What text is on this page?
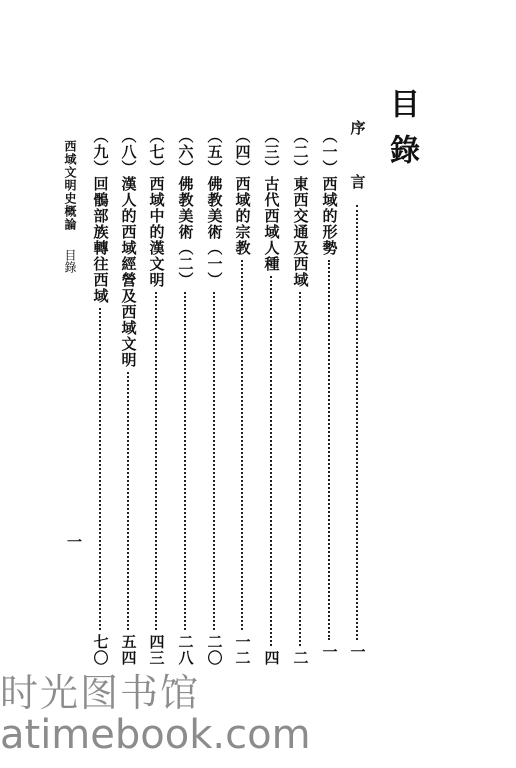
目錄
序　言
一
（一）西域的形勢
一
（二）東西交通及西域
二
（三）古代西域人種
四
（四）西域的宗教
一二
（五）佛教美術（一）
二〇
（六）佛教美術（二）
二八
（七）西域中的漢文明
四三
（八）漢人的西域經營及西域文明
五四
（九）回鶻部族轉往西域
七〇
西域文明史概論目錄
一
时光图书馆
atimebook.com
